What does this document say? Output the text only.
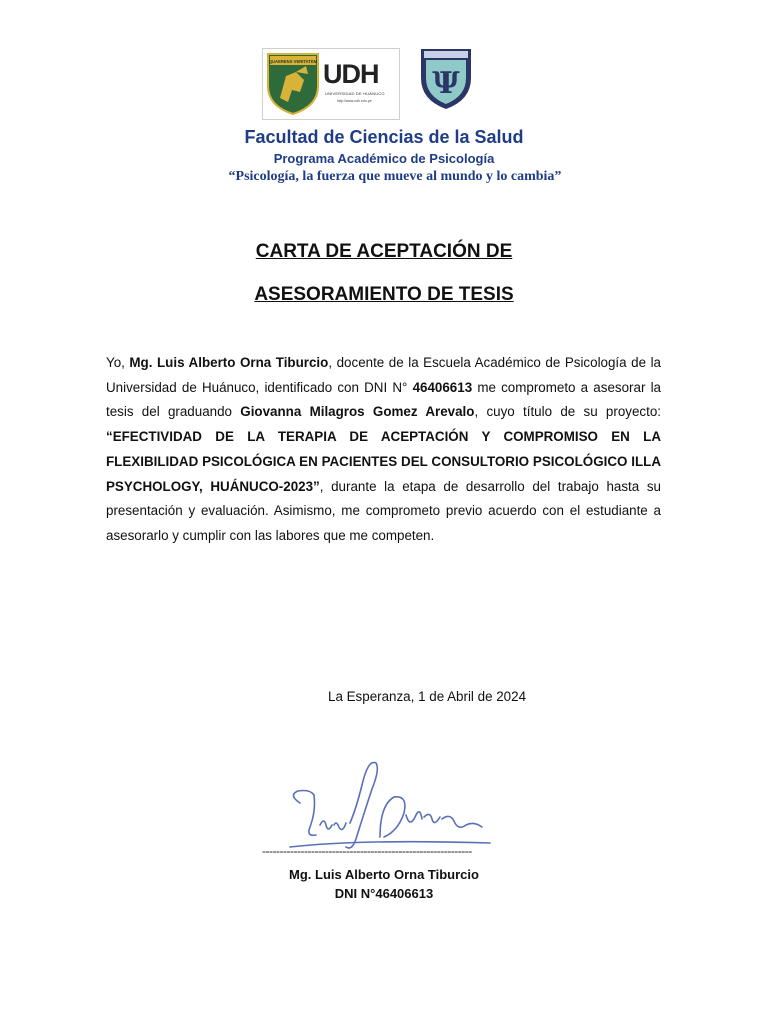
QUAERENS VERITATEM UDH
UNIVERSIDAD DE HUÁNUCO
http://www.udh.edu.pe Ψ
Facultad de Ciencias de la Salud
Programa Académico de Psicología
“Psicología, la fuerza que mueve al mundo y lo cambia”
CARTA DE ACEPTACIÓN DE
ASESORAMIENTO DE TESIS
Yo, Mg. Luis Alberto Orna Tiburcio, docente de la Escuela Académico de Psicología de la Universidad de Huánuco, identificado con DNI N° 46406613 me comprometo a asesorar la tesis del graduando Giovanna Milagros Gomez Arevalo, cuyo título de su proyecto: “EFECTIVIDAD DE LA TERAPIA DE ACEPTACIÓN Y COMPROMISO EN LA FLEXIBILIDAD PSICOLÓGICA EN PACIENTES DEL CONSULTORIO PSICOLÓGICO ILLA PSYCHOLOGY, HUÁNUCO-2023”, durante la etapa de desarrollo del trabajo hasta su presentación y evaluación. Asimismo, me comprometo previo acuerdo con el estudiante a asesorarlo y cumplir con las labores que me competen.
La Esperanza, 1 de Abril de 2024
------------------------------------------------------------
Mg. Luis Alberto Orna Tiburcio
DNI N°46406613
